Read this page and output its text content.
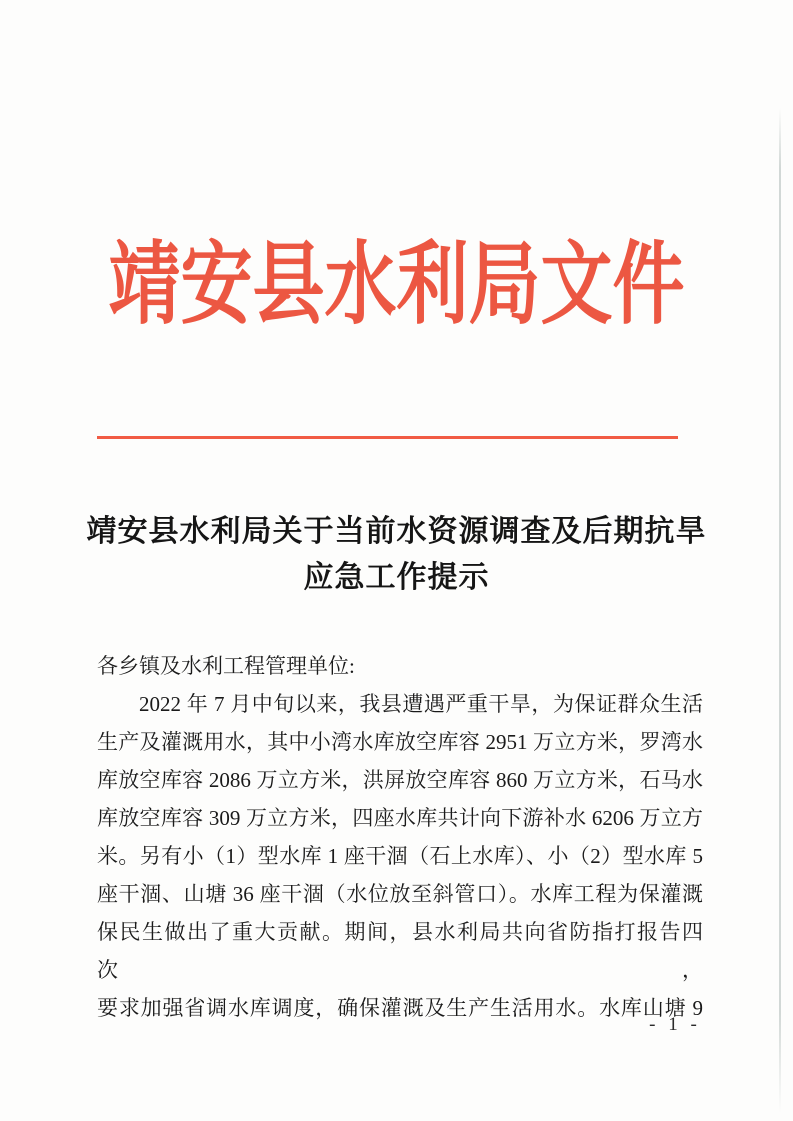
靖安县水利局文件
靖安县水利局关于当前水资源调查及后期抗旱
应急工作提示
各乡镇及水利工程管理单位:
2022 年 7 月中旬以来，我县遭遇严重干旱，为保证群众生活
生产及灌溉用水，其中小湾水库放空库容 2951 万立方米，罗湾水
库放空库容 2086 万立方米，洪屏放空库容 860 万立方米，石马水
库放空库容 309 万立方米，四座水库共计向下游补水 6206 万立方
米。另有小（1）型水库 1 座干涸（石上水库）、小（2）型水库 5
座干涸、山塘 36 座干涸（水位放至斜管口）。水库工程为保灌溉
保民生做出了重大贡献。期间，县水利局共向省防指打报告四次，
要求加强省调水库调度，确保灌溉及生产生活用水。水库山塘 9
- 1 -
